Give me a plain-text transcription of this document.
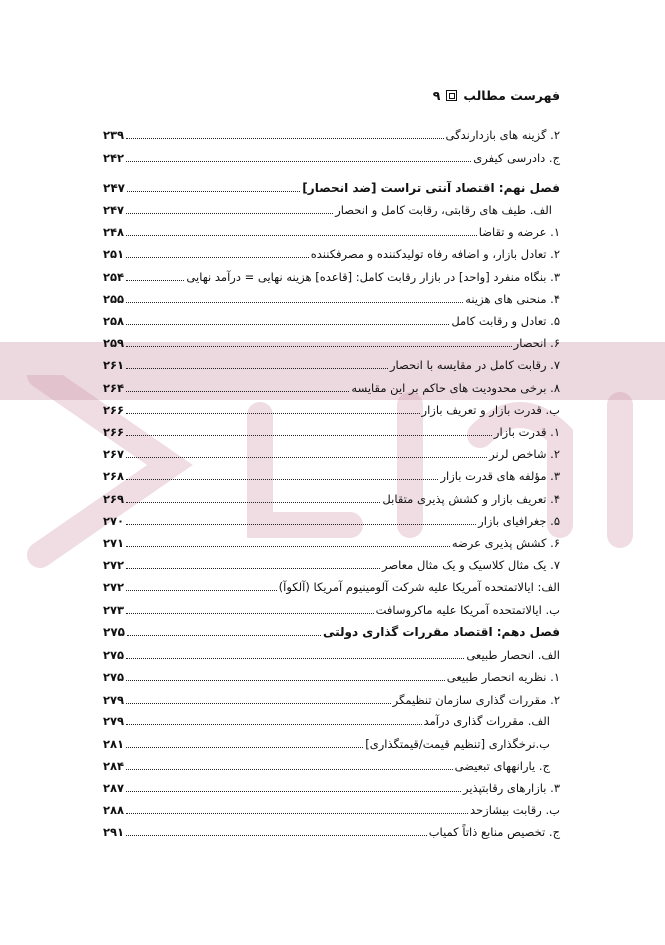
فهرست مطالب
۹
۲. گزینه های بازدارندگی
۲۳۹
ج. دادرسی کیفری
۲۴۲
فصل نهم: اقتصاد آنتی تراست [ضد انحصار]
۲۴۷
الف. طیف های رقابتی، رقابت کامل و انحصار
۲۴۷
۱. عرضه و تقاضا
۲۴۸
۲. تعادل بازار، و اضافه رفاه تولیدکننده و مصرفکننده
۲۵۱
۳. بنگاه منفرد [واحد] در بازار رقابت کامل: [قاعده] هزینه نهایی = درآمد نهایی
۲۵۴
۴. منحنی های هزینه
۲۵۵
۵. تعادل و رقابت کامل
۲۵۸
۶. انحصار
۲۵۹
۷. رقابت کامل در مقایسه با انحصار
۲۶۱
۸. برخی محدودیت های حاکم بر این مقایسه
۲۶۴
ب. قدرت بازار و تعریف بازار
۲۶۶
۱. قدرت بازار
۲۶۶
۲. شاخص لرنر
۲۶۷
۳. مؤلفه های قدرت بازار
۲۶۸
۴. تعریف بازار و کشش پذیری متقابل
۲۶۹
۵. جغرافیای بازار
۲۷۰
۶. کشش پذیری عرضه
۲۷۱
۷. یک مثال کلاسیک و یک مثال معاصر
۲۷۲
الف: ایالاتمتحده آمریکا علیه شرکت آلومینیوم آمریکا (آلکوآ)
۲۷۲
ب. ایالاتمتحده آمریکا علیه ماکروسافت
۲۷۳
فصل دهم: اقتصاد مقررات گذاری دولتی
۲۷۵
الف. انحصار طبیعی
۲۷۵
۱. نظریه انحصار طبیعی
۲۷۵
۲. مقررات گذاری سازمان تنظیمگر
۲۷۹
الف. مقررات گذاری درآمد
۲۷۹
ب.نرخگذاری [تنظیم قیمت/قیمتگذاری]
۲۸۱
ج. یارانههای تبعیضی
۲۸۴
۳. بازارهای رقابتپذیر
۲۸۷
ب. رقابت بیشازحد
۲۸۸
ج. تخصیص منابع ذاتاً کمیاب
۲۹۱
